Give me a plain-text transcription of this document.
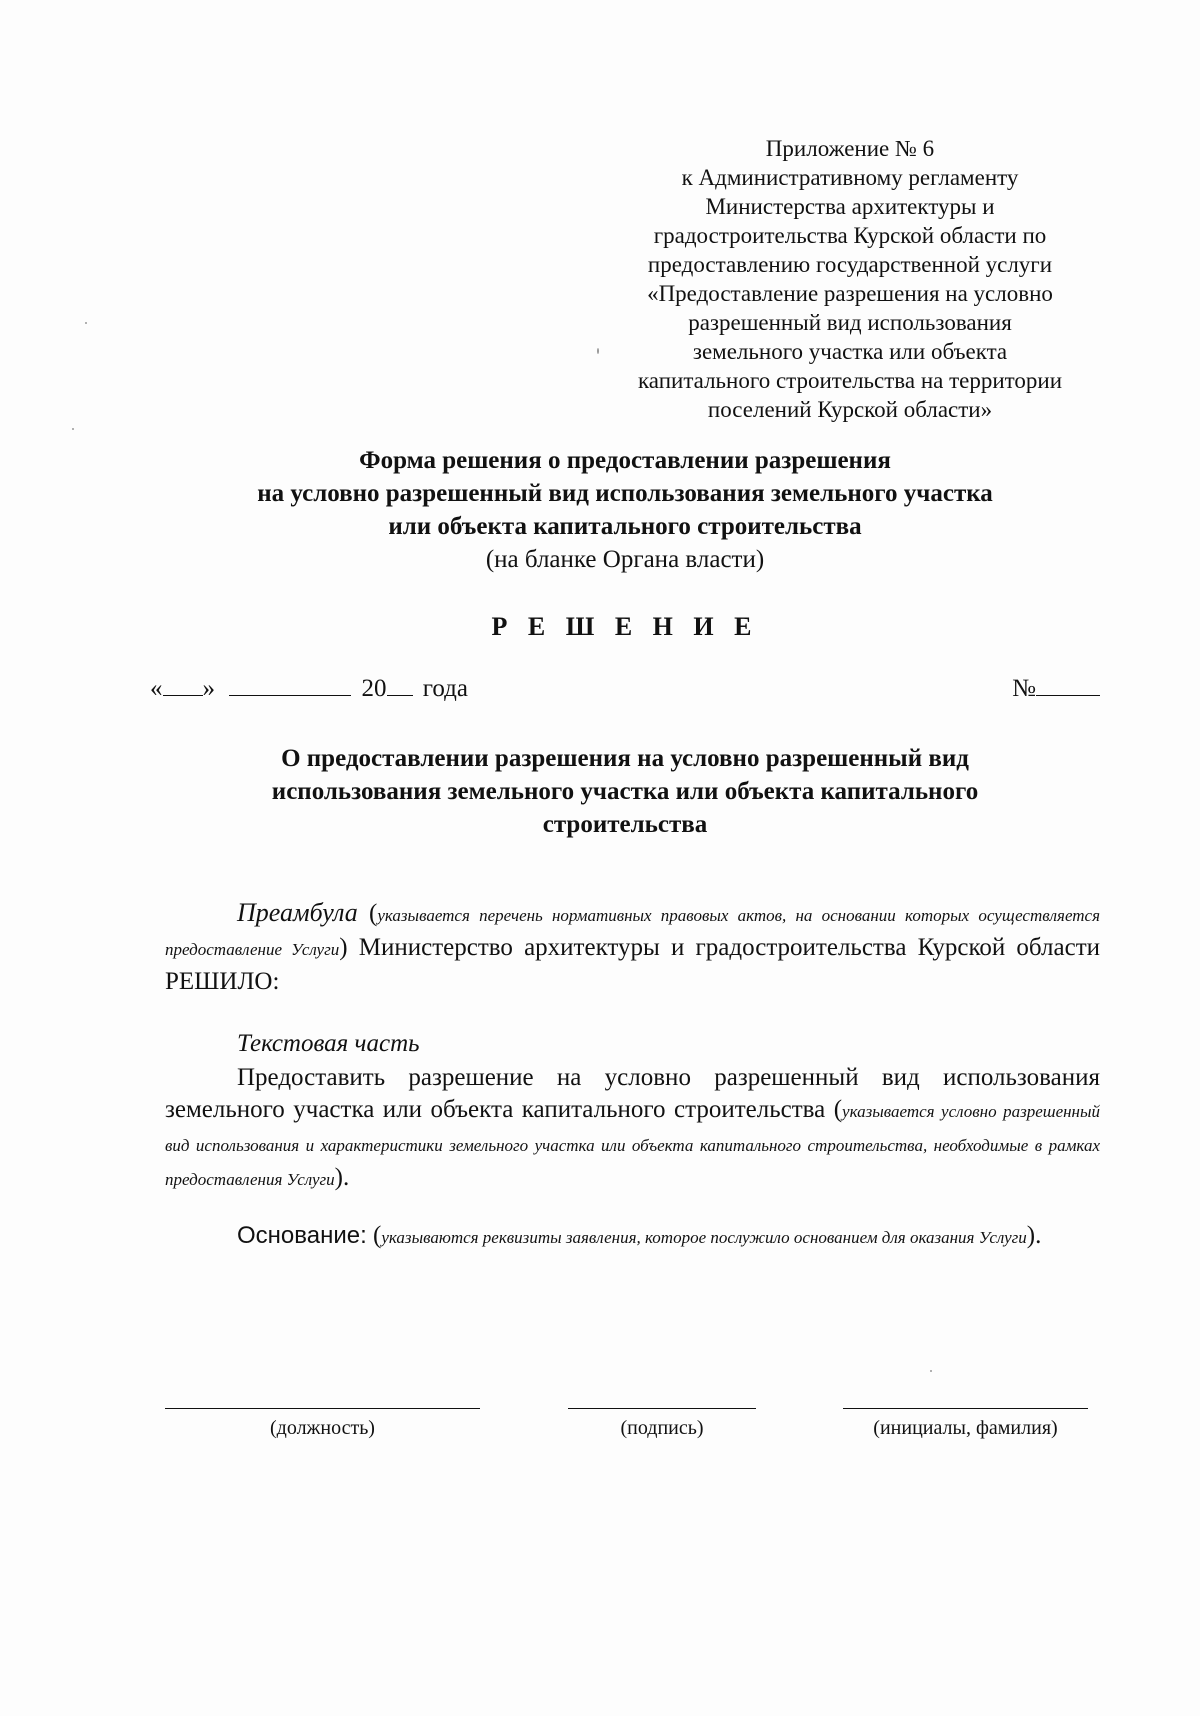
Приложение № 6
к Административному регламенту
Министерства архитектуры и
градостроительства Курской области по
предоставлению государственной услуги
«Предоставление разрешения на условно
разрешенный вид использования
земельного участка или объекта
капитального строительства на территории
поселений Курской области»
Форма решения о предоставлении разрешения
на условно разрешенный вид использования земельного участка
или объекта капитального строительства
(на бланке Органа власти)
Р Е Ш Е Н И Е
« »	20 года	№
О предоставлении разрешения на условно разрешенный вид
использования земельного участка или объекта капитального
строительства
Преамбула (указывается перечень нормативных правовых актов, на основании которых осуществляется предоставление Услуги) Министерство архитектуры и градостроительства Курской области РЕШИЛО:
Текстовая часть
Предоставить разрешение на условно разрешенный вид использования земельного участка или объекта капитального строительства (указывается условно разрешенный вид использования и характеристики земельного участка или объекта капитального строительства, необходимые в рамках предоставления Услуги).
Основание: (указываются реквизиты заявления, которое послужило основанием для оказания Услуги).
(должность)	(подпись)	(инициалы, фамилия)
